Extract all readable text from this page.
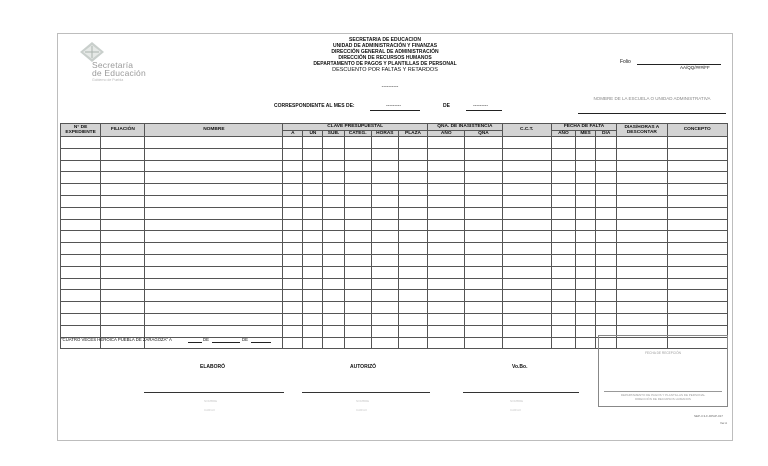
Secretaría
de Educación
Gobierno de Puebla
SECRETARIA DE EDUCACION
UNIDAD DE ADMINISTRACIÓN Y FINANZAS
DIRECCIÓN GENERAL DE ADMINISTRACIÓN
DIRECCIÓN DE RECURSOS HUMANOS
DEPARTAMENTO DE PAGOS Y PLANTILLAS DE PERSONAL
DESCUENTO POR FALTAS Y RETARDOS
----------
Folio
AA/QQ/###/FF
CORRESPONDIENTE AL MES DE:	---------	DE	---------
NOMBRE DE LA ESCUELA O UNIDAD ADMINISTRATIVA
N° DE EXPEDIENTE	FILIACIÓN	NOMBRE	CLAVE PRESUPUESTAL						QNA. DE INASISTENCIA		C.C.T.	FECHA DE FALTA			DIAS/HORAS A DESCONTAR	CONCEPTO
			A	UN	SUB.	CATEG.	HORAS	PLAZA	AÑO	QNA		AÑO	MES	DIA		

"CUATRO VECES HEROICA PUEBLA DE ZARAGOZA" A	DE	DE
ELABORÓ	AUTORIZÓ	Vo.Bo.
NOMBRE
CARGO
NOMBRE
CARGO
NOMBRE
CARGO
FECHA DE RECEPCIÓN
DEPARTAMENTO DE PAGOS Y PLANTILLAS DE PERSONAL
DIRECCIÓN DE RECURSOS HUMANOS
SEP-3.3-F-DPAP-017
Ver.A
